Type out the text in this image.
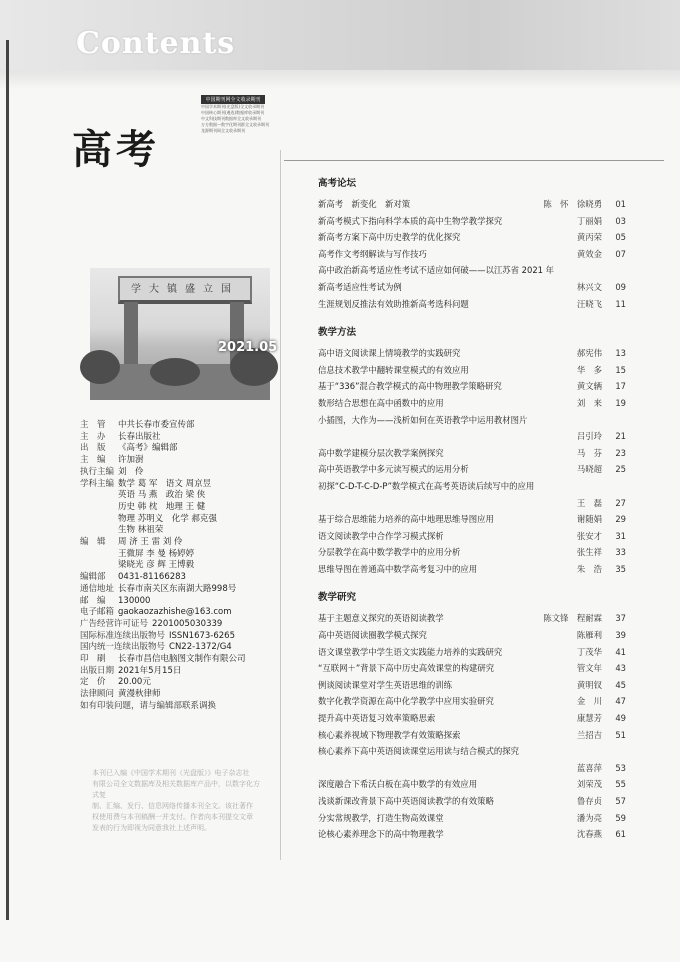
Contents
中国期刊网全文收录期刊
中国学术期刊(光盘版)全文收录期刊
中国核心期刊(遴选)数据库收录期刊
中文科技期刊数据库全文收录期刊
万方数据—数字化期刊群全文收录期刊
龙源期刊网全文收录期刊
高考
学大镇盛立国
2021.05
主　管	中共长春市委宣传部
主　办	长春出版社
出　版	《高考》编辑部
主　编	许加澍
执行主编 刘　伶
学科主编 数学 葛 军　语文 周京昱
英语 马 燕　政治 梁 侠
历史 韩 枕　地理 王 健
物理 苏明义　化学 郝克强
生物 林祖荣
编　辑	周 济 王 雷 刘 伶
王微屏 李 曼 杨婷婷
梁晓光 彦 辉 王博毅
编辑部	0431-81166283
通信地址 长春市南关区东南湖大路998号
邮　编	130000
电子邮箱 gaokaozazhishe@163.com
广告经营许可证号 2201005030339
国际标准连续出版物号 ISSN1673-6265
国内统一连续出版物号 CN22-1372/G4
印　刷	长春市昌信电脑图文制作有限公司
出版日期 2021年5月15日
定　价	20.00元
法律顾问 黄漫秋律师
如有印装问题，请与编辑部联系调换
本刊已入编《中国学术期刊（光盘版）》电子杂志社
有限公司全文数据库及相关数据库产品中，以数字化方式复
制、汇编、发行、信息网络传播本刊全文。该社著作
权使用费与本刊稿酬一并支付。作者向本刊提交文章
发表的行为即视为同意我社上述声明。
高考论坛
新高考　新变化　新对策	陈　怀　徐晓勇	01
新高考模式下指向科学本质的高中生物学教学探究	丁丽娟	03
新高考方案下高中历史教学的优化探究	黄丙荣	05
高考作文考纲解读与写作技巧	黄效金	07
高中政治新高考适应性考试不适应如何破——以江苏省 2021 年
新高考适应性考试为例	林兴文	09
生涯规划反推法有效助推新高考选科问题	汪晓飞	11
教学方法
高中语文阅读课上情境教学的实践研究	郝宪伟	13
信息技术教学中翻转课堂模式的有效应用	华　多	15
基于“336”混合教学模式的高中物理教学策略研究	黄文辆	17
数形结合思想在高中函数中的应用	刘　来	19
小插图，大作为——浅析如何在英语教学中运用教材图片
吕引玲	21
高中数学建模分层次教学案例探究	马　芬	23
高中英语教学中多元读写模式的运用分析	马晓超	25
初探“C-D-T-C-D-P”数学模式在高考英语读后续写中的应用
王　磊	27
基于综合思维能力培养的高中地理思维导图应用	谢随娟	29
语文阅读教学中合作学习模式探析	张安才	31
分层教学在高中数学教学中的应用分析	张生祥	33
思维导图在普通高中数学高考复习中的应用	朱　浩	35
教学研究
基于主题意义探究的英语阅读教学	陈文锋　程耐霖	37
高中英语阅读圈教学模式探究	陈雁利	39
语文课堂教学中学生语文实践能力培养的实践研究	丁茂华	41
“互联网＋”背景下高中历史高效课堂的构建研究	管文年	43
例谈阅读课堂对学生英语思维的训练	黄明钗	45
数字化教学资源在高中化学教学中应用实验研究	金　川	47
提升高中英语复习效率策略思索	康慧芳	49
核心素养视域下物理教学有效策略探索	兰招吉	51
核心素养下高中英语阅读课堂运用读与结合模式的探究
蓝喜萍	53
深度融合下希沃白板在高中数学的有效应用	刘荣茂	55
浅谈新课改背景下高中英语阅读教学的有效策略	鲁存贞	57
分实常规教学，打造生物高效课堂	潘为亮	59
论核心素养理念下的高中物理教学	沈春燕	61
